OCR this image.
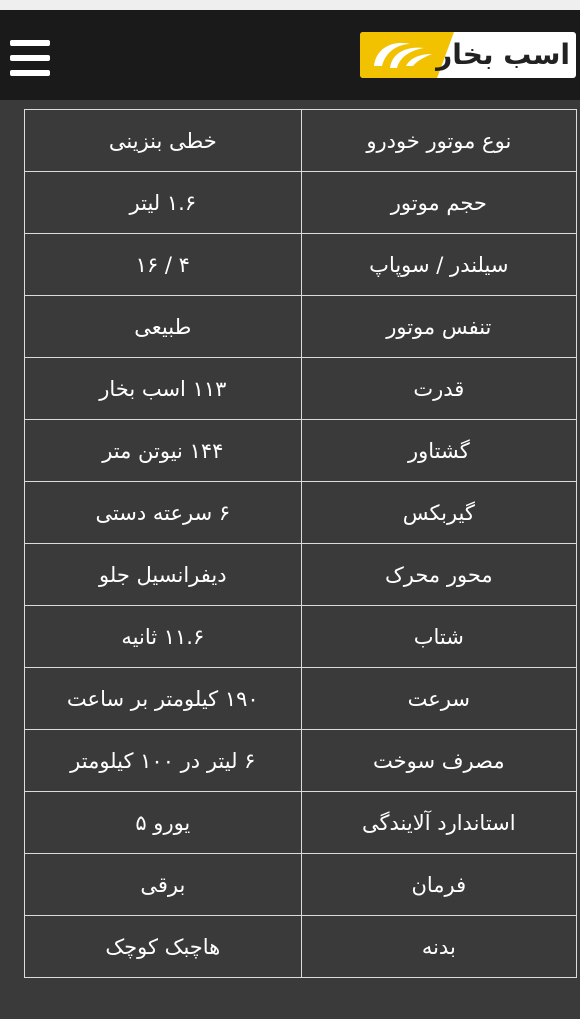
اسب بخار
نوع موتور خودرو	خطی بنزینی
حجم موتور	۱.۶ لیتر
سیلندر / سوپاپ	۴ / ۱۶
تنفس موتور	طبیعی
قدرت	۱۱۳ اسب بخار
گشتاور	۱۴۴ نیوتن متر
گیربکس	۶ سرعته دستی
محور محرک	دیفرانسیل جلو
شتاب	۱۱.۶ ثانیه
سرعت	۱۹۰ کیلومتر بر ساعت
مصرف سوخت	۶ لیتر در ۱۰۰ کیلومتر
استاندارد آلایندگی	یورو ۵
فرمان	برقی
بدنه	هاچبک کوچک
